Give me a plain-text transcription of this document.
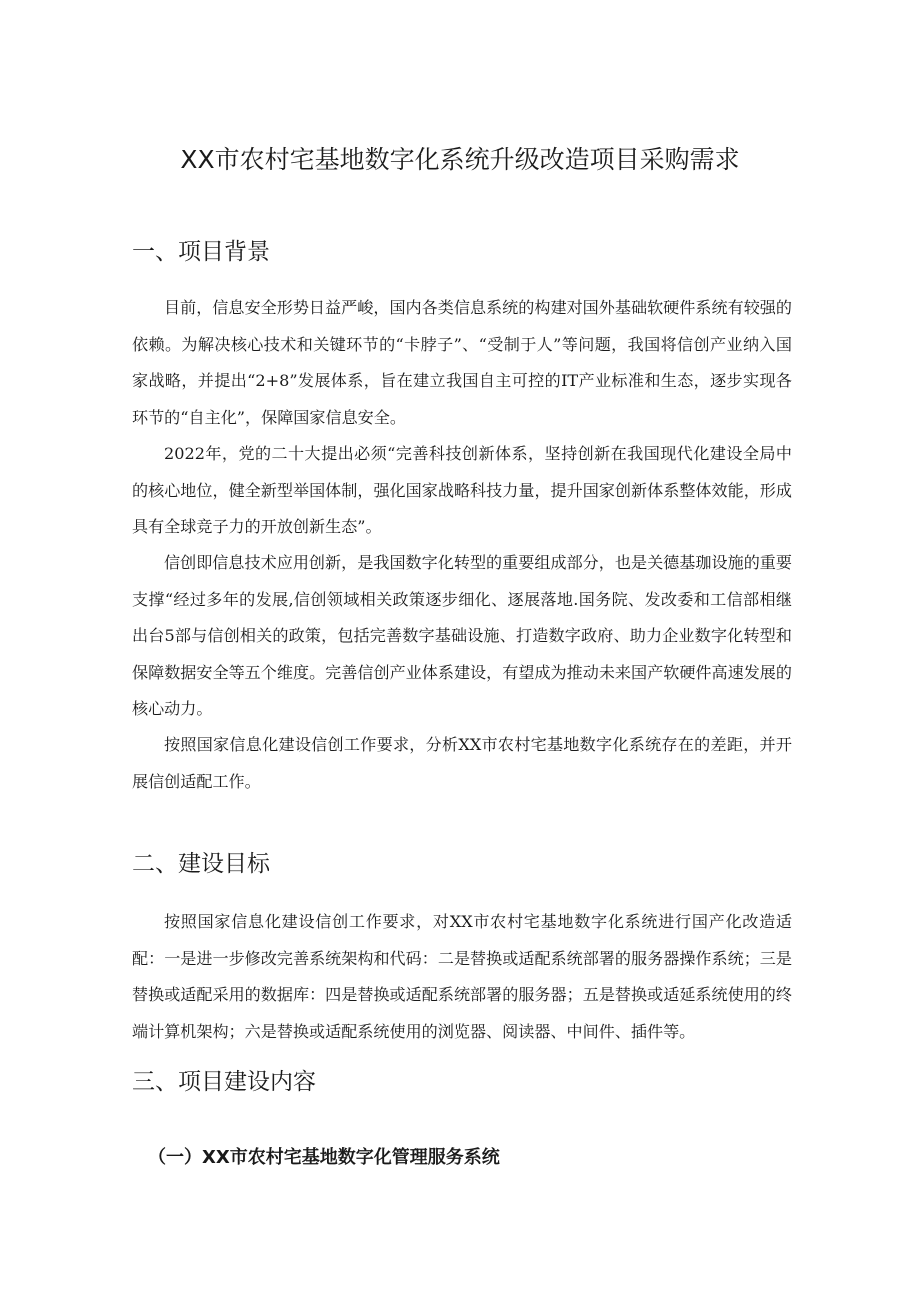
XX市农村宅基地数字化系统升级改造项目采购需求
一、项目背景

目前，信息安全形势日益严峻，国内各类信息系统的构建对国外基础软硬件系统有较强的依赖。为解决核心技术和关键环节的“卡脖子”、“受制于人”等问题，我国将信创产业纳入国家战略，并提出“2+8”发展体系，旨在建立我国自主可控的IT产业标准和生态，逐步实现各环节的“自主化”，保障国家信息安全。

2022年，党的二十大提出必须“完善科技创新体系，坚持创新在我国现代化建设全局中的核心地位，健全新型举国体制，强化国家战略科技力量，提升国家创新体系整体效能，形成具有全球竞子力的开放创新生态”。

信创即信息技术应用创新，是我国数字化转型的重要组成部分，也是关德基珈设施的重要支撑“经过多年的发展,信创领域相关政策逐步细化、逐展落地.国务院、发改委和工信部相继出台5部与信创相关的政策，包括完善数字基础设施、打造数字政府、助力企业数字化转型和保障数据安全等五个维度。完善信创产业体系建设，有望成为推动未来国产软硬件高速发展的核心动力。

按照国家信息化建设信创工作要求，分析XX市农村宅基地数字化系统存在的差距，并开展信创适配工作。

二、建设目标

按照国家信息化建设信创工作要求，对XX市农村宅基地数字化系统进行国产化改造适配：一是进一步修改完善系统架构和代码：二是替换或适配系统部署的服务器操作系统；三是替换或适配采用的数据库：四是替换或适配系统部署的服务器；五是替换或适延系统使用的终端计算机架构；六是替换或适配系统使用的浏览器、阅读器、中间件、插件等。

三、项目建设内容
（一）XX市农村宅基地数字化管理服务系统
